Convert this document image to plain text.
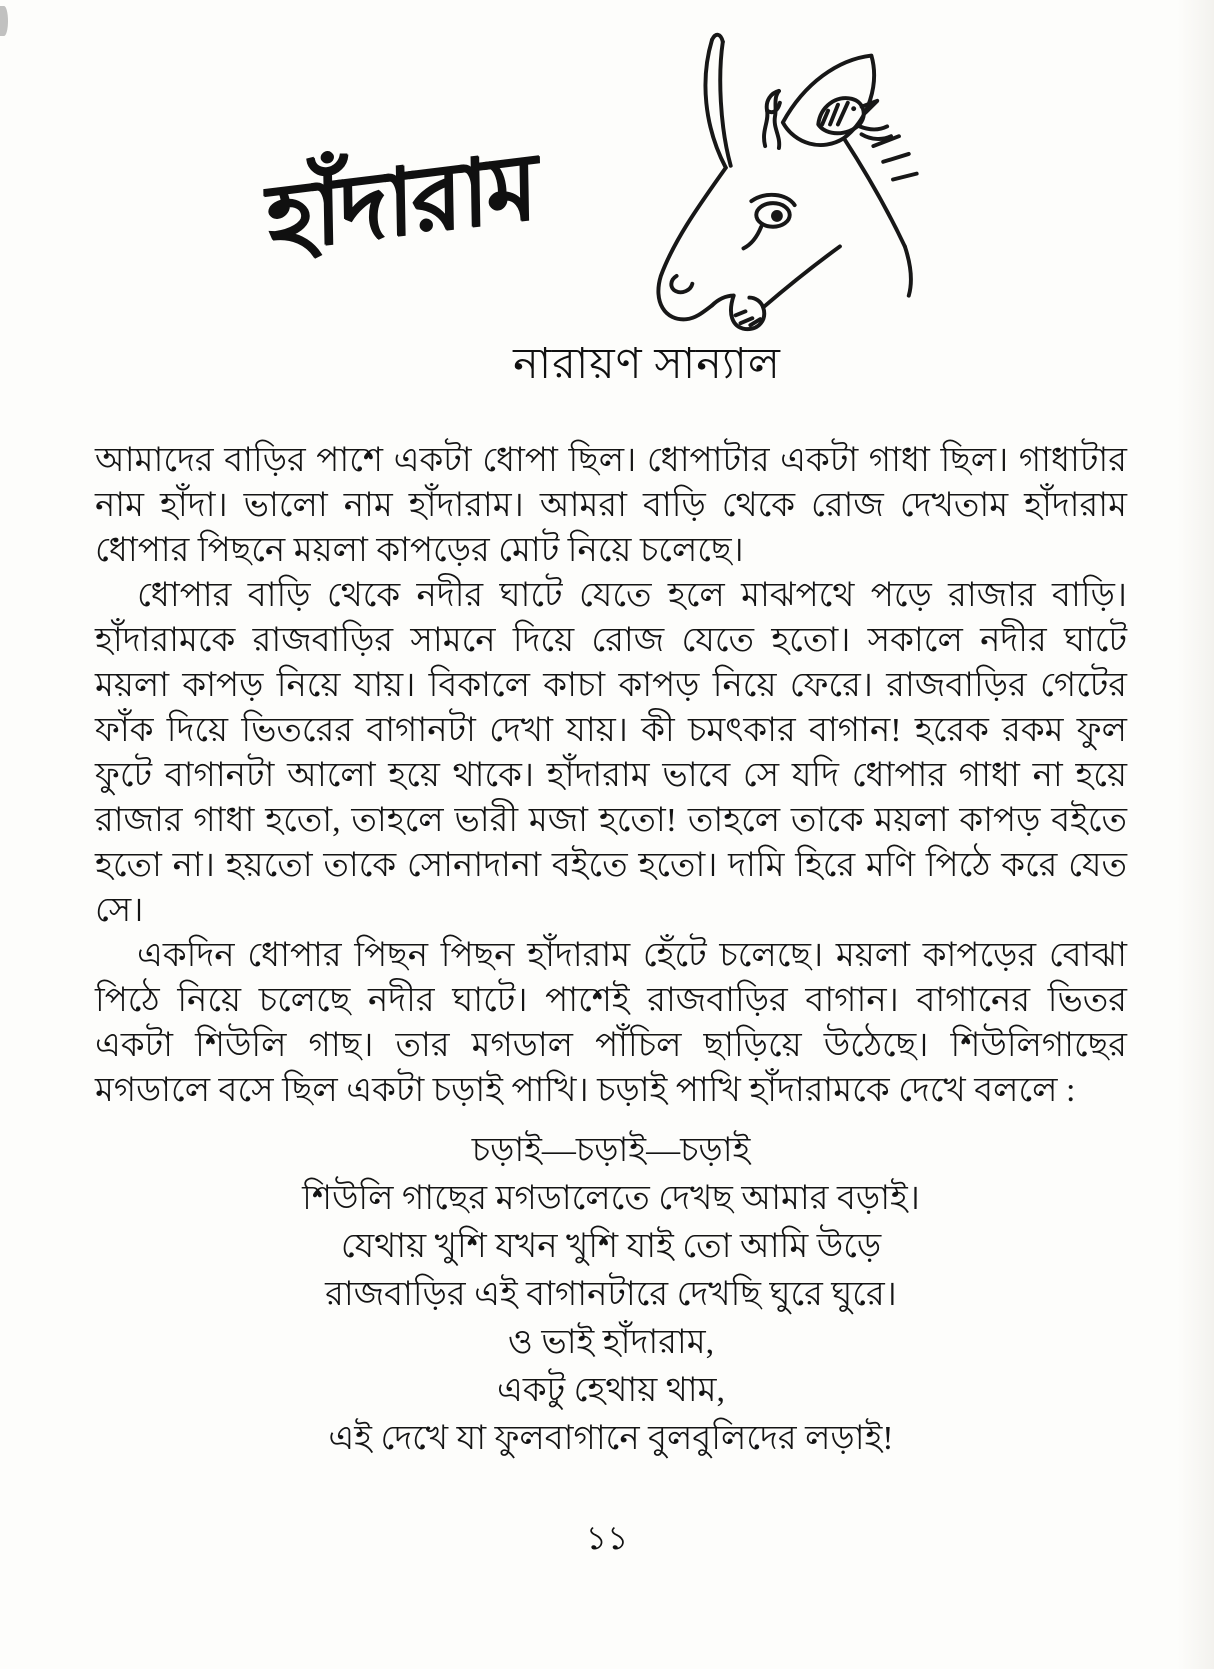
হাঁদারাম
নারায়ণ সান্যাল

আমাদের বাড়ির পাশে একটা ধোপা ছিল। ধোপাটার একটা গাধা ছিল। গাধাটার নাম হাঁদা। ভালো নাম হাঁদারাম। আমরা বাড়ি থেকে রোজ দেখতাম হাঁদারাম ধোপার পিছনে ময়লা কাপড়ের মোট নিয়ে চলেছে।

ধোপার বাড়ি থেকে নদীর ঘাটে যেতে হলে মাঝপথে পড়ে রাজার বাড়ি। হাঁদারামকে রাজবাড়ির সামনে দিয়ে রোজ যেতে হতো। সকালে নদীর ঘাটে ময়লা কাপড় নিয়ে যায়। বিকালে কাচা কাপড় নিয়ে ফেরে। রাজবাড়ির গেটের ফাঁক দিয়ে ভিতরের বাগানটা দেখা যায়। কী চমৎকার বাগান! হরেক রকম ফুল ফুটে বাগানটা আলো হয়ে থাকে। হাঁদারাম ভাবে সে যদি ধোপার গাধা না হয়ে রাজার গাধা হতো, তাহলে ভারী মজা হতো! তাহলে তাকে ময়লা কাপড় বইতে হতো না। হয়তো তাকে সোনাদানা বইতে হতো। দামি হিরে মণি পিঠে করে যেত সে।

একদিন ধোপার পিছন পিছন হাঁদারাম হেঁটে চলেছে। ময়লা কাপড়ের বোঝা পিঠে নিয়ে চলেছে নদীর ঘাটে। পাশেই রাজবাড়ির বাগান। বাগানের ভিতর একটা শিউলি গাছ। তার মগডাল পাঁচিল ছাড়িয়ে উঠেছে। শিউলিগাছের মগডালে বসে ছিল একটা চড়াই পাখি। চড়াই পাখি হাঁদারামকে দেখে বললে :

চড়াই—চড়াই—চড়াই
শিউলি গাছের মগডালেতে দেখছ আমার বড়াই।
যেথায় খুশি যখন খুশি যাই তো আমি উড়ে
রাজবাড়ির এই বাগানটারে দেখছি ঘুরে ঘুরে।
ও ভাই হাঁদারাম,
একটু হেথায় থাম,
এই দেখে যা ফুলবাগানে বুলবুলিদের লড়াই!
১১
